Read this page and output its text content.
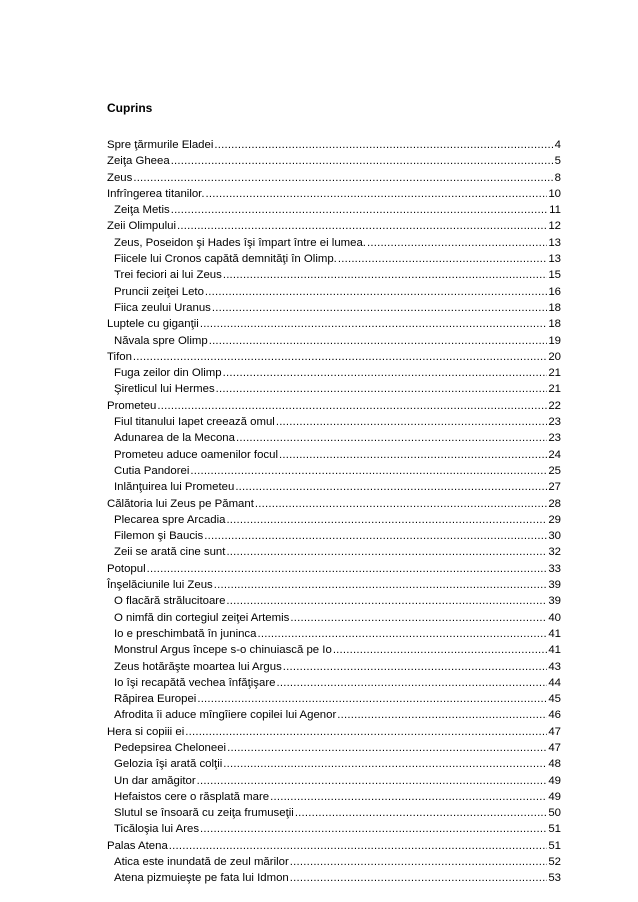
Cuprins
Spre ţărmurile Eladei .....	4
Zeiţa Gheea .....	5
Zeus .....	8
Infrîngerea titanilor. .....	10
Zeiţa Metis .....	11
Zeii Olimpului .....	12
Zeus, Poseidon şi Hades îşi împart între ei lumea. .....	13
Fiicele lui Cronos capătă demnităţi în Olimp. .....	13
Trei feciori ai lui Zeus .....	15
Pruncii zeiţei Leto .....	16
Fiica zeului Uranus .....	18
Luptele cu giganţii .....	18
Năvala spre Olimp .....	19
Tifon .....	20
Fuga zeilor din Olimp .....	21
Şiretlicul lui Hermes .....	21
Prometeu .....	22
Fiul titanului Iapet creează omul .....	23
Adunarea de la Mecona .....	23
Prometeu aduce oamenilor focul .....	24
Cutia Pandorei .....	25
Inlănţuirea lui Prometeu .....	27
Călătoria lui Zeus pe Pămant .....	28
Plecarea spre Arcadia .....	29
Filemon şi Baucis .....	30
Zeii se arată cine sunt .....	32
Potopul .....	33
Înşelăciunile lui Zeus .....	39
O flacără strălucitoare .....	39
O nimfă din cortegiul zeiţei Artemis .....	40
Io e preschimbată în juninca .....	41
Monstrul Argus începe s-o chinuiască pe Io .....	41
Zeus hotărăşte moartea lui Argus .....	43
Io îşi recapătă vechea înfăţişare .....	44
Răpirea Europei .....	45
Afrodita îi aduce mîngîiere copilei lui Agenor .....	46
Hera si copiii ei .....	47
Pedepsirea Cheloneei .....	47
Gelozia îşi arată colţii .....	48
Un dar amăgitor .....	49
Hefaistos cere o răsplată mare .....	49
Slutul se însoară cu zeiţa frumuseţii .....	50
Ticăloşia lui Ares .....	51
Palas Atena .....	51
Atica este inundată de zeul mărilor .....	52
Atena pizmuieşte pe fata lui Idmon .....	53
